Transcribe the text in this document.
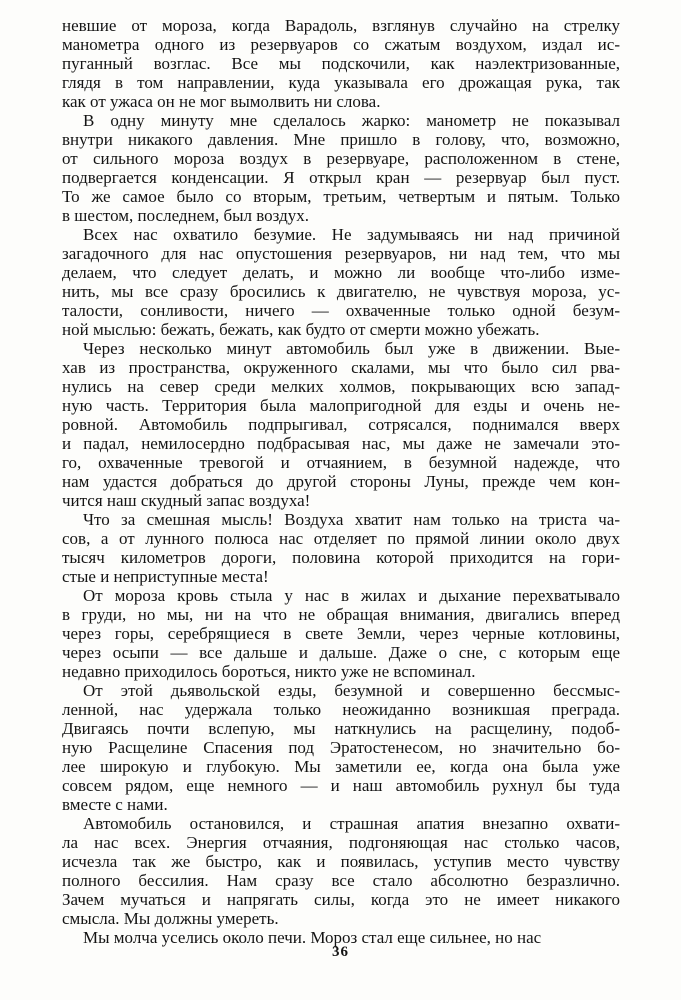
невшие от мороза, когда Варадоль, взглянув случайно на стрелку
манометра одного из резервуаров со сжатым воздухом, издал ис-
пуганный возглас. Все мы подскочили, как наэлектризованные,
глядя в том направлении, куда указывала его дрожащая рука, так
как от ужаса он не мог вымолвить ни слова.

В одну минуту мне сделалось жарко: манометр не показывал
внутри никакого давления. Мне пришло в голову, что, возможно,
от сильного мороза воздух в резервуаре, расположенном в стене,
подвергается конденсации. Я открыл кран — резервуар был пуст.
То же самое было со вторым, третьим, четвертым и пятым. Только
в шестом, последнем, был воздух.

Всех нас охватило безумие. Не задумываясь ни над причиной
загадочного для нас опустошения резервуаров, ни над тем, что мы
делаем, что следует делать, и можно ли вообще что-либо изме-
нить, мы все сразу бросились к двигателю, не чувствуя мороза, ус-
талости, сонливости, ничего — охваченные только одной безум-
ной мыслью: бежать, бежать, как будто от смерти можно убежать.

Через несколько минут автомобиль был уже в движении. Вые-
хав из пространства, окруженного скалами, мы что было сил рва-
нулись на север среди мелких холмов, покрывающих всю запад-
ную часть. Территория была малопригодной для езды и очень не-
ровной. Автомобиль подпрыгивал, сотрясался, поднимался вверх
и падал, немилосердно подбрасывая нас, мы даже не замечали это-
го, охваченные тревогой и отчаянием, в безумной надежде, что
нам удастся добраться до другой стороны Луны, прежде чем кон-
чится наш скудный запас воздуха!

Что за смешная мысль! Воздуха хватит нам только на триста ча-
сов, а от лунного полюса нас отделяет по прямой линии около двух
тысяч километров дороги, половина которой приходится на гори-
стые и неприступные места!

От мороза кровь стыла у нас в жилах и дыхание перехватывало
в груди, но мы, ни на что не обращая внимания, двигались вперед
через горы, серебрящиеся в свете Земли, через черные котловины,
через осыпи — все дальше и дальше. Даже о сне, с которым еще
недавно приходилось бороться, никто уже не вспоминал.

От этой дьявольской езды, безумной и совершенно бессмыс-
ленной, нас удержала только неожиданно возникшая преграда.
Двигаясь почти вслепую, мы наткнулись на расщелину, подоб-
ную Расщелине Спасения под Эратостенесом, но значительно бо-
лее широкую и глубокую. Мы заметили ее, когда она была уже
совсем рядом, еще немного — и наш автомобиль рухнул бы туда
вместе с нами.

Автомобиль остановился, и страшная апатия внезапно охвати-
ла нас всех. Энергия отчаяния, подгоняющая нас столько часов,
исчезла так же быстро, как и появилась, уступив место чувству
полного бессилия. Нам сразу все стало абсолютно безразлично.
Зачем мучаться и напрягать силы, когда это не имеет никакого
смысла. Мы должны умереть.

Мы молча уселись около печи. Мороз стал еще сильнее, но нас

36
